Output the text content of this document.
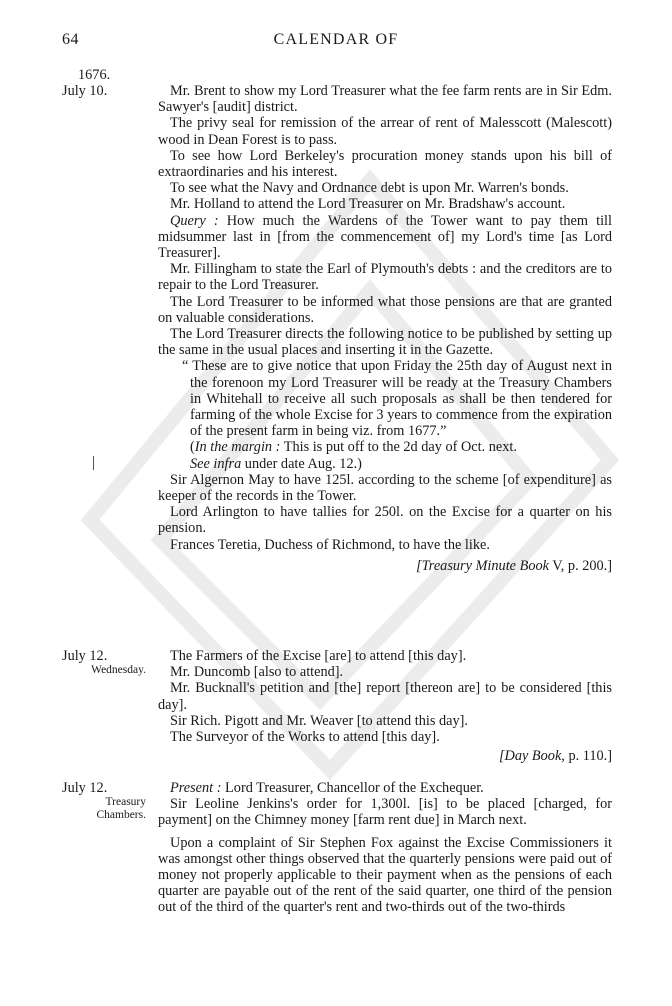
64	CALENDAR OF
1676.
July 10.	Mr. Brent to show my Lord Treasurer what the fee farm rents are in Sir Edm. Sawyer's [audit] district.

The privy seal for remission of the arrear of rent of Malesscott (Malescott) wood in Dean Forest is to pass.

To see how Lord Berkeley's procuration money stands upon his bill of extraordinaries and his interest.

To see what the Navy and Ordnance debt is upon Mr. Warren's bonds.

Mr. Holland to attend the Lord Treasurer on Mr. Bradshaw's account.

Query : How much the Wardens of the Tower want to pay them till midsummer last in [from the commencement of] my Lord's time [as Lord Treasurer].

Mr. Fillingham to state the Earl of Plymouth's debts : and the creditors are to repair to the Lord Treasurer.

The Lord Treasurer to be informed what those pensions are that are granted on valuable considerations.

The Lord Treasurer directs the following notice to be published by setting up the same in the usual places and inserting it in the Gazette.

“ These are to give notice that upon Friday the 25th day of August next in the forenoon my Lord Treasurer will be ready at the Treasury Chambers in Whitehall to receive all such proposals as shall be then tendered for farming of the whole Excise for 3 years to commence from the expiration of the present farm in being viz. from 1677.”

(In the margin : This is put off to the 2d day of Oct. next.
See infra under date Aug. 12.)

Sir Algernon May to have 125l. according to the scheme [of expenditure] as keeper of the records in the Tower.

Lord Arlington to have tallies for 250l. on the Excise for a quarter on his pension.

Frances Teretia, Duchess of Richmond, to have the like.

[Treasury Minute Book V, p. 200.]

July 12.
Wednesday.

The Farmers of the Excise [are] to attend [this day].

Mr. Duncomb [also to attend].

Mr. Bucknall's petition and [the] report [thereon are] to be considered [this day].

Sir Rich. Pigott and Mr. Weaver [to attend this day].

The Surveyor of the Works to attend [this day].

[Day Book, p. 110.]

July 12.
Treasury
Chambers.

Present : Lord Treasurer, Chancellor of the Exchequer.

Sir Leoline Jenkins's order for 1,300l. [is] to be placed [charged, for payment] on the Chimney money [farm rent due] in March next.

Upon a complaint of Sir Stephen Fox against the Excise Commissioners it was amongst other things observed that the quarterly pensions were paid out of money not properly applicable to their payment when as the pensions of each quarter are payable out of the rent of the said quarter, one third of the pension out of the third of the quarter's rent and two-thirds out of the two-thirds
